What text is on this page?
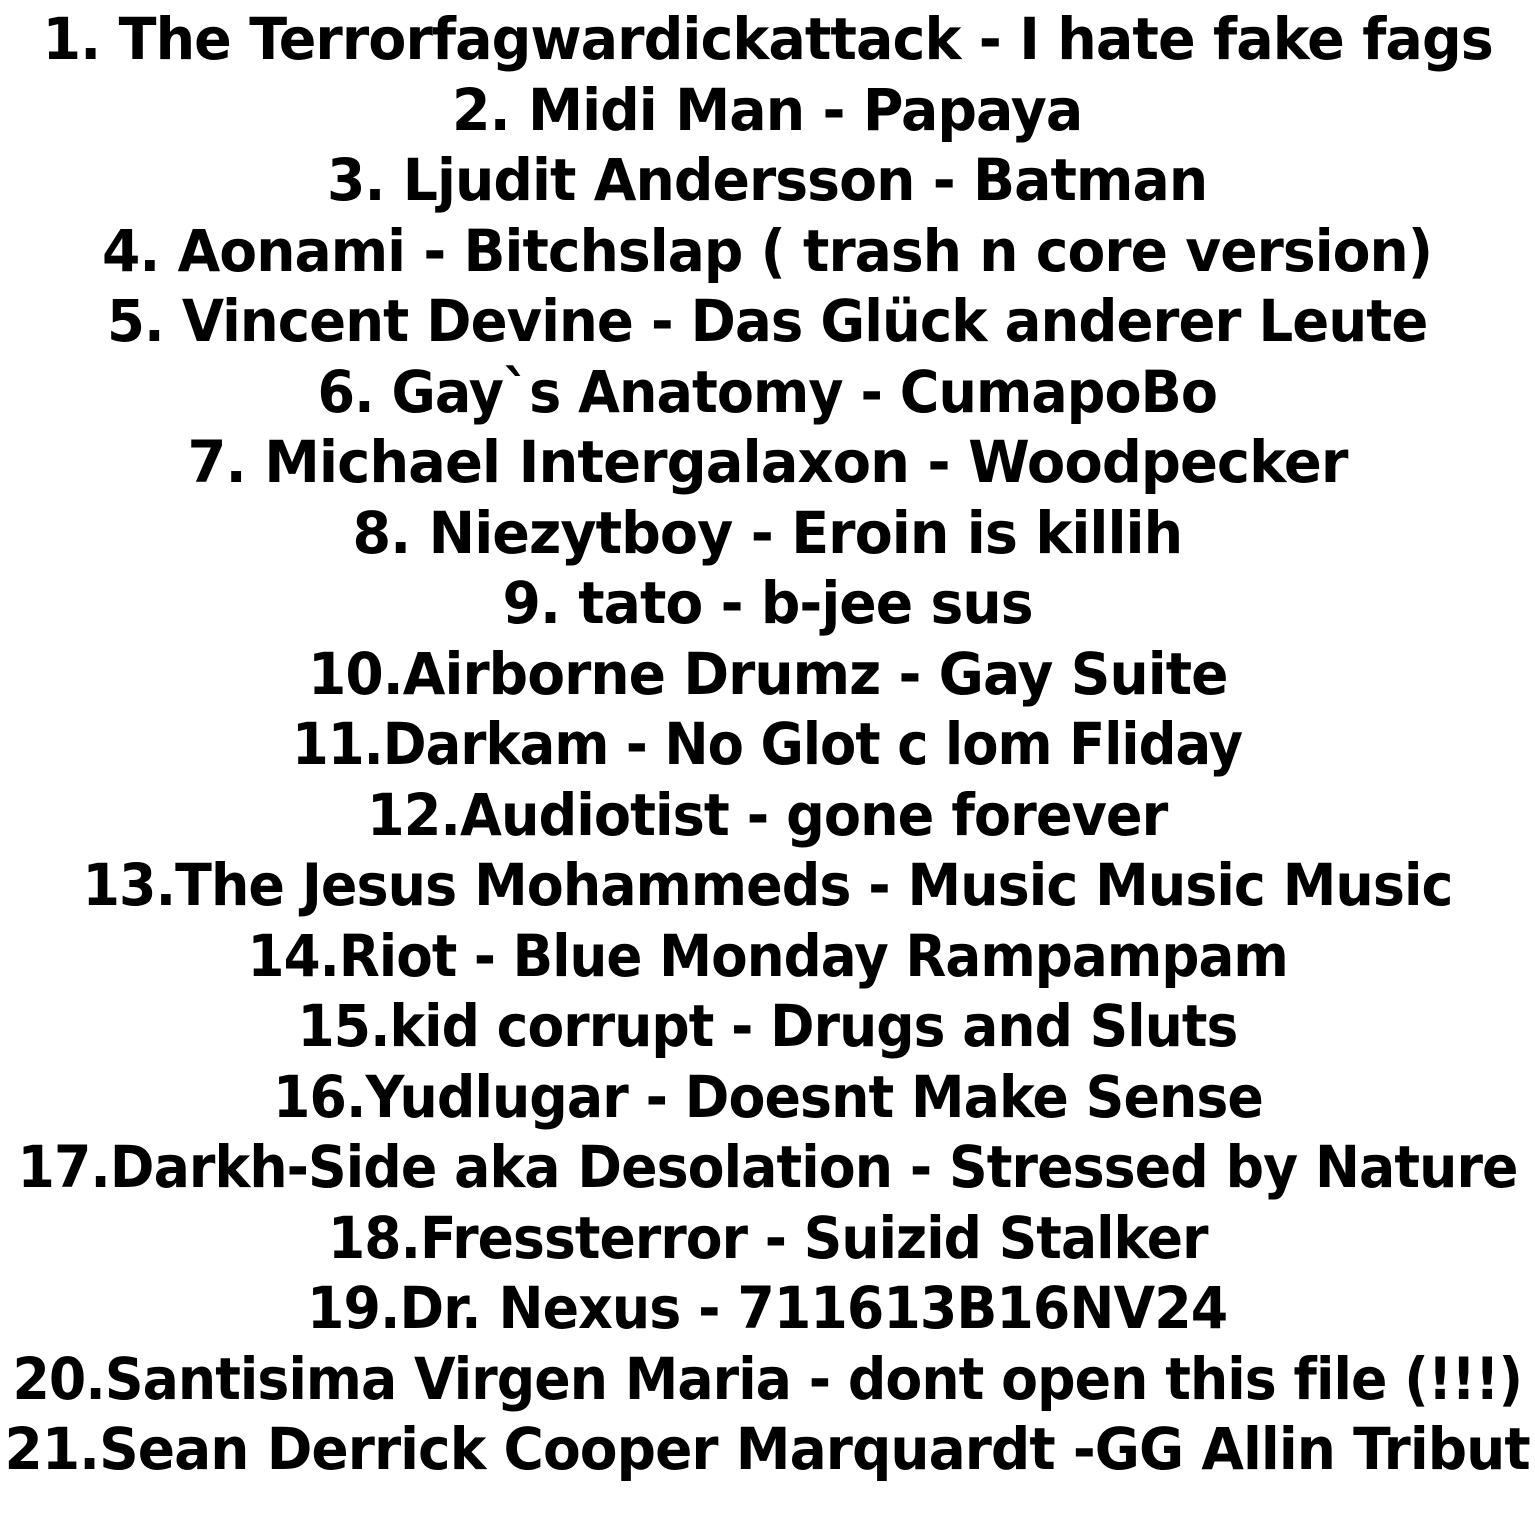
1. The Terrorfagwardickattack - I hate fake fags
2. Midi Man - Papaya
3. Ljudit Andersson - Batman
4. Aonami - Bitchslap ( trash n core version)
5. Vincent Devine - Das Glück anderer Leute
6. Gay`s Anatomy - CumapoBo
7. Michael Intergalaxon - Woodpecker
8. Niezytboy - Eroin is killih
9. tato - b-jee sus
10.Airborne Drumz - Gay Suite
11.Darkam - No Glot c lom Fliday
12.Audiotist - gone forever
13.The Jesus Mohammeds - Music Music Music
14.Riot - Blue Monday Rampampam
15.kid corrupt - Drugs and Sluts
16.Yudlugar - Doesnt Make Sense
17.Darkh-Side aka Desolation - Stressed by Nature
18.Fressterror - Suizid Stalker
19.Dr. Nexus - 711613B16NV24
20.Santisima Virgen Maria - dont open this file (!!!)
21.Sean Derrick Cooper Marquardt -GG Allin Tribut
